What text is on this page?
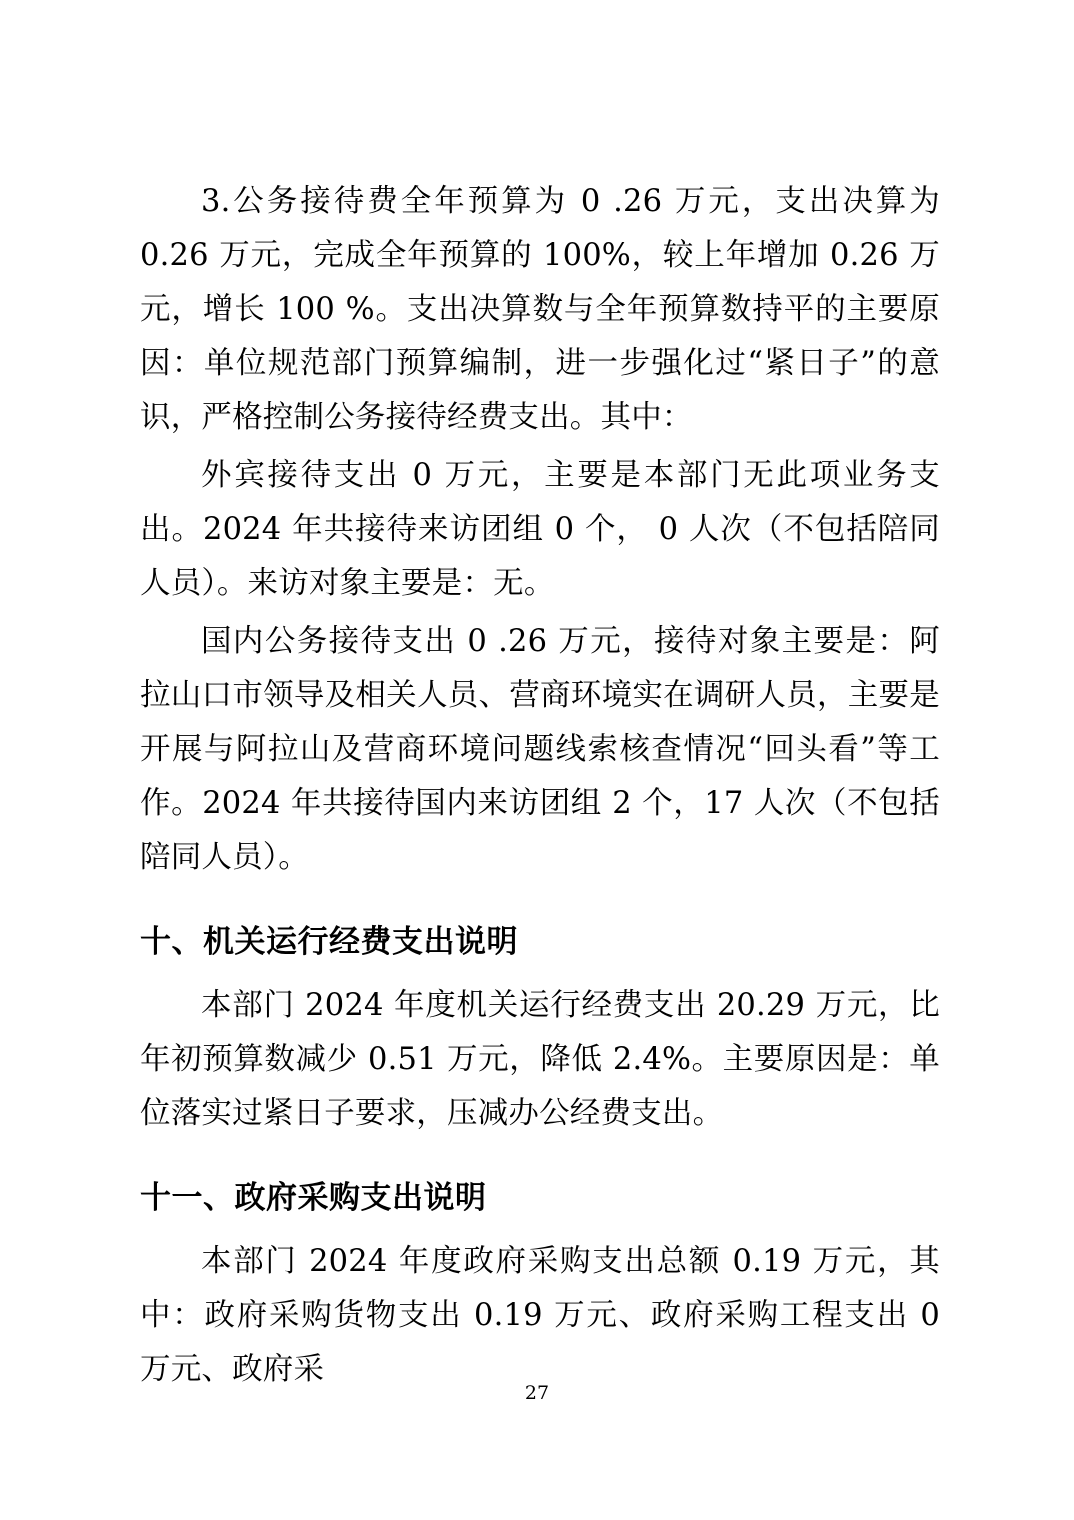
3.公务接待费全年预算为 0 .26 万元，支出决算为 0.26 万元，完成全年预算的 100%，较上年增加 0.26 万元，增长 100 %。支出决算数与全年预算数持平的主要原因：单位规范部门预算编制，进一步强化过“紧日子”的意识，严格控制公务接待经费支出。其中：

外宾接待支出 0 万元，主要是本部门无此项业务支出。2024 年共接待来访团组 0 个， 0 人次（不包括陪同人员）。来访对象主要是：无。

国内公务接待支出 0 .26 万元，接待对象主要是：阿拉山口市领导及相关人员、营商环境实在调研人员，主要是开展与阿拉山及营商环境问题线索核查情况“回头看”等工作。2024 年共接待国内来访团组 2 个，17 人次（不包括陪同人员）。

十、机关运行经费支出说明

本部门 2024 年度机关运行经费支出 20.29 万元，比年初预算数减少 0.51 万元，降低 2.4%。主要原因是：单位落实过紧日子要求，压减办公经费支出。

十一、政府采购支出说明

本部门 2024 年度政府采购支出总额 0.19 万元，其中：政府采购货物支出 0.19 万元、政府采购工程支出 0 万元、政府采

27
